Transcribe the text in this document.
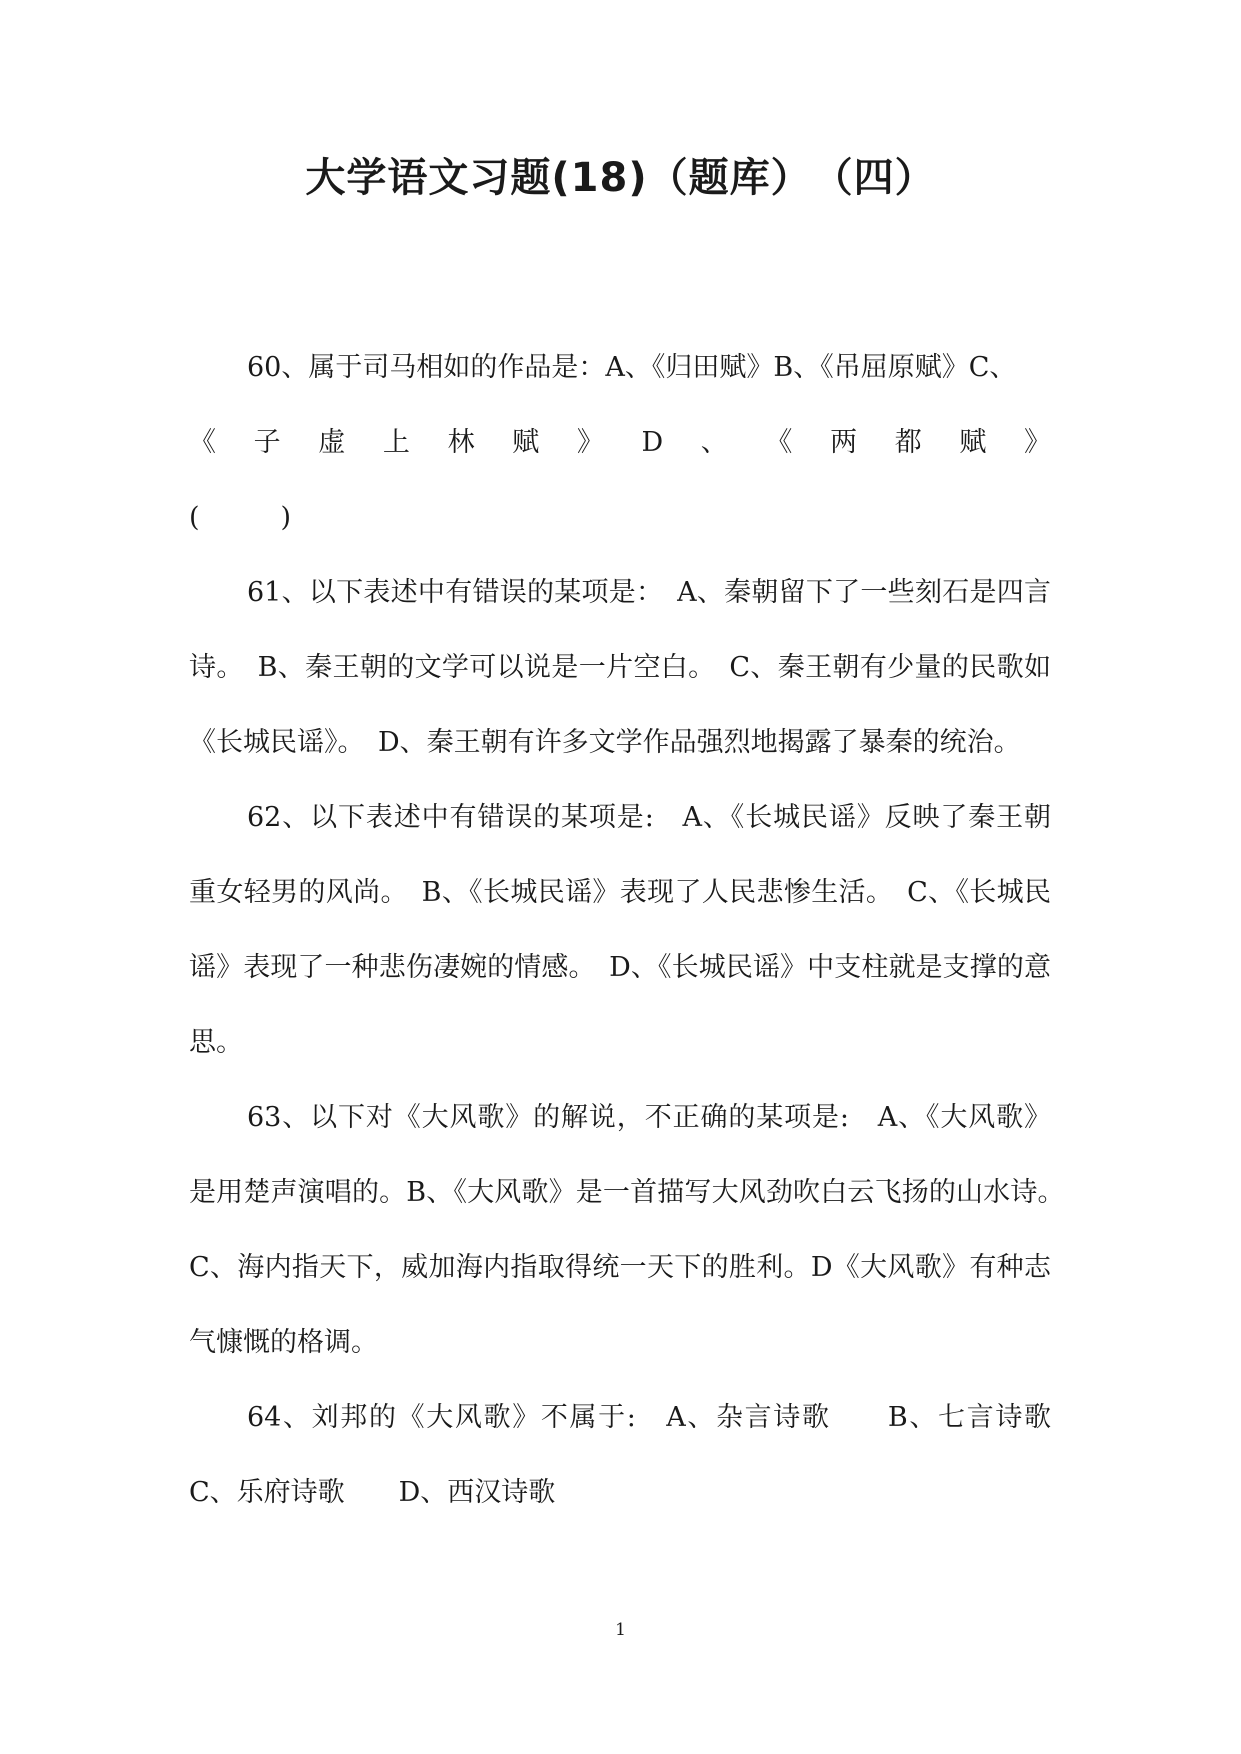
大学语文习题(18)（题库）　（四）

60、属于司马相如的作品是：A、《归田赋》B、《吊屈原赋》C、

《 子 虚 上 林 赋 》 D 、 《 两 都 赋 》

(　　　)

61、以下表述中有错误的某项是：　A、秦朝留下了一些刻石是四言诗。　B、秦王朝的文学可以说是一片空白。　C、秦王朝有少量的民歌如《长城民谣》。　D、秦王朝有许多文学作品强烈地揭露了暴秦的统治。

62、以下表述中有错误的某项是:　A、《长城民谣》反映了秦王朝重女轻男的风尚。　B、《长城民谣》表现了人民悲惨生活。　C、《长城民谣》表现了一种悲伤凄婉的情感。　D、《长城民谣》中支柱就是支撑的意思。

63、以下对《大风歌》的解说，不正确的某项是:　A、《大风歌》是用楚声演唱的。B、《大风歌》是一首描写大风劲吹白云飞扬的山水诗。　C、海内指天下，威加海内指取得统一天下的胜利。D《大风歌》有种志气慷慨的格调。

64、刘邦的《大风歌》不属于:　A、杂言诗歌　　B、七言诗歌　C、乐府诗歌　　D、西汉诗歌

1
